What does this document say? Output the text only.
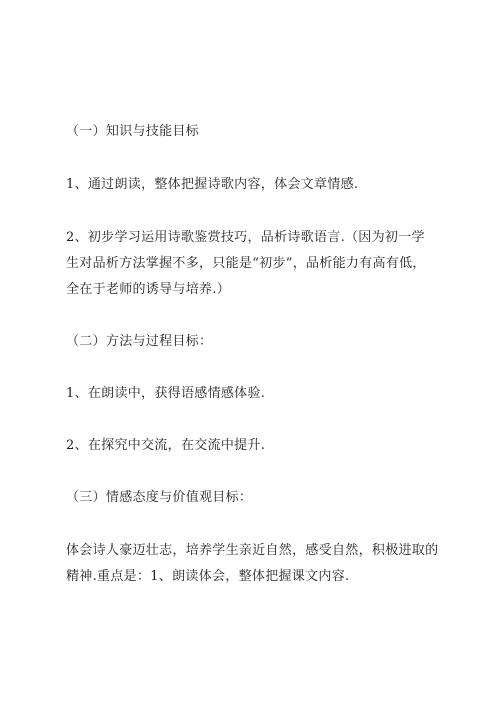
（一）知识与技能目标
1、通过朗读，整体把握诗歌内容，体会文章情感.
2、初步学习运用诗歌鉴赏技巧，品析诗歌语言.（因为初一学
生对品析方法掌握不多，只能是“初步”，品析能力有高有低，
全在于老师的诱导与培养.）
（二）方法与过程目标：
1、在朗读中，获得语感情感体验.
2、在探究中交流，在交流中提升.
（三）情感态度与价值观目标：
体会诗人豪迈壮志，培养学生亲近自然，感受自然，积极进取的
精神.重点是：1、朗读体会，整体把握课文内容.
